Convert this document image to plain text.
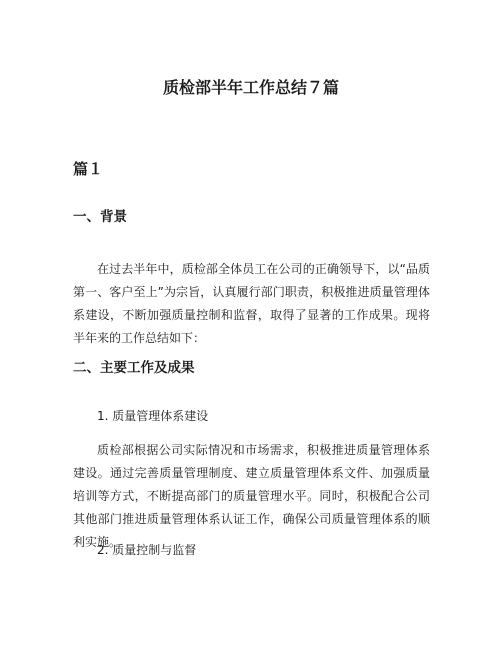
质检部半年工作总结７篇
篇１
一、背景

在过去半年中，质检部全体员工在公司的正确领导下，以“品质第一、客户至上”为宗旨，认真履行部门职责，积极推进质量管理体系建设，不断加强质量控制和监督，取得了显著的工作成果。现将半年来的工作总结如下：

二、主要工作及成果
1. 质量管理体系建设

质检部根据公司实际情况和市场需求，积极推进质量管理体系建设。通过完善质量管理制度、建立质量管理体系文件、加强质量培训等方式，不断提高部门的质量管理水平。同时，积极配合公司其他部门推进质量管理体系认证工作，确保公司质量管理体系的顺利实施。

2. 质量控制与监督
